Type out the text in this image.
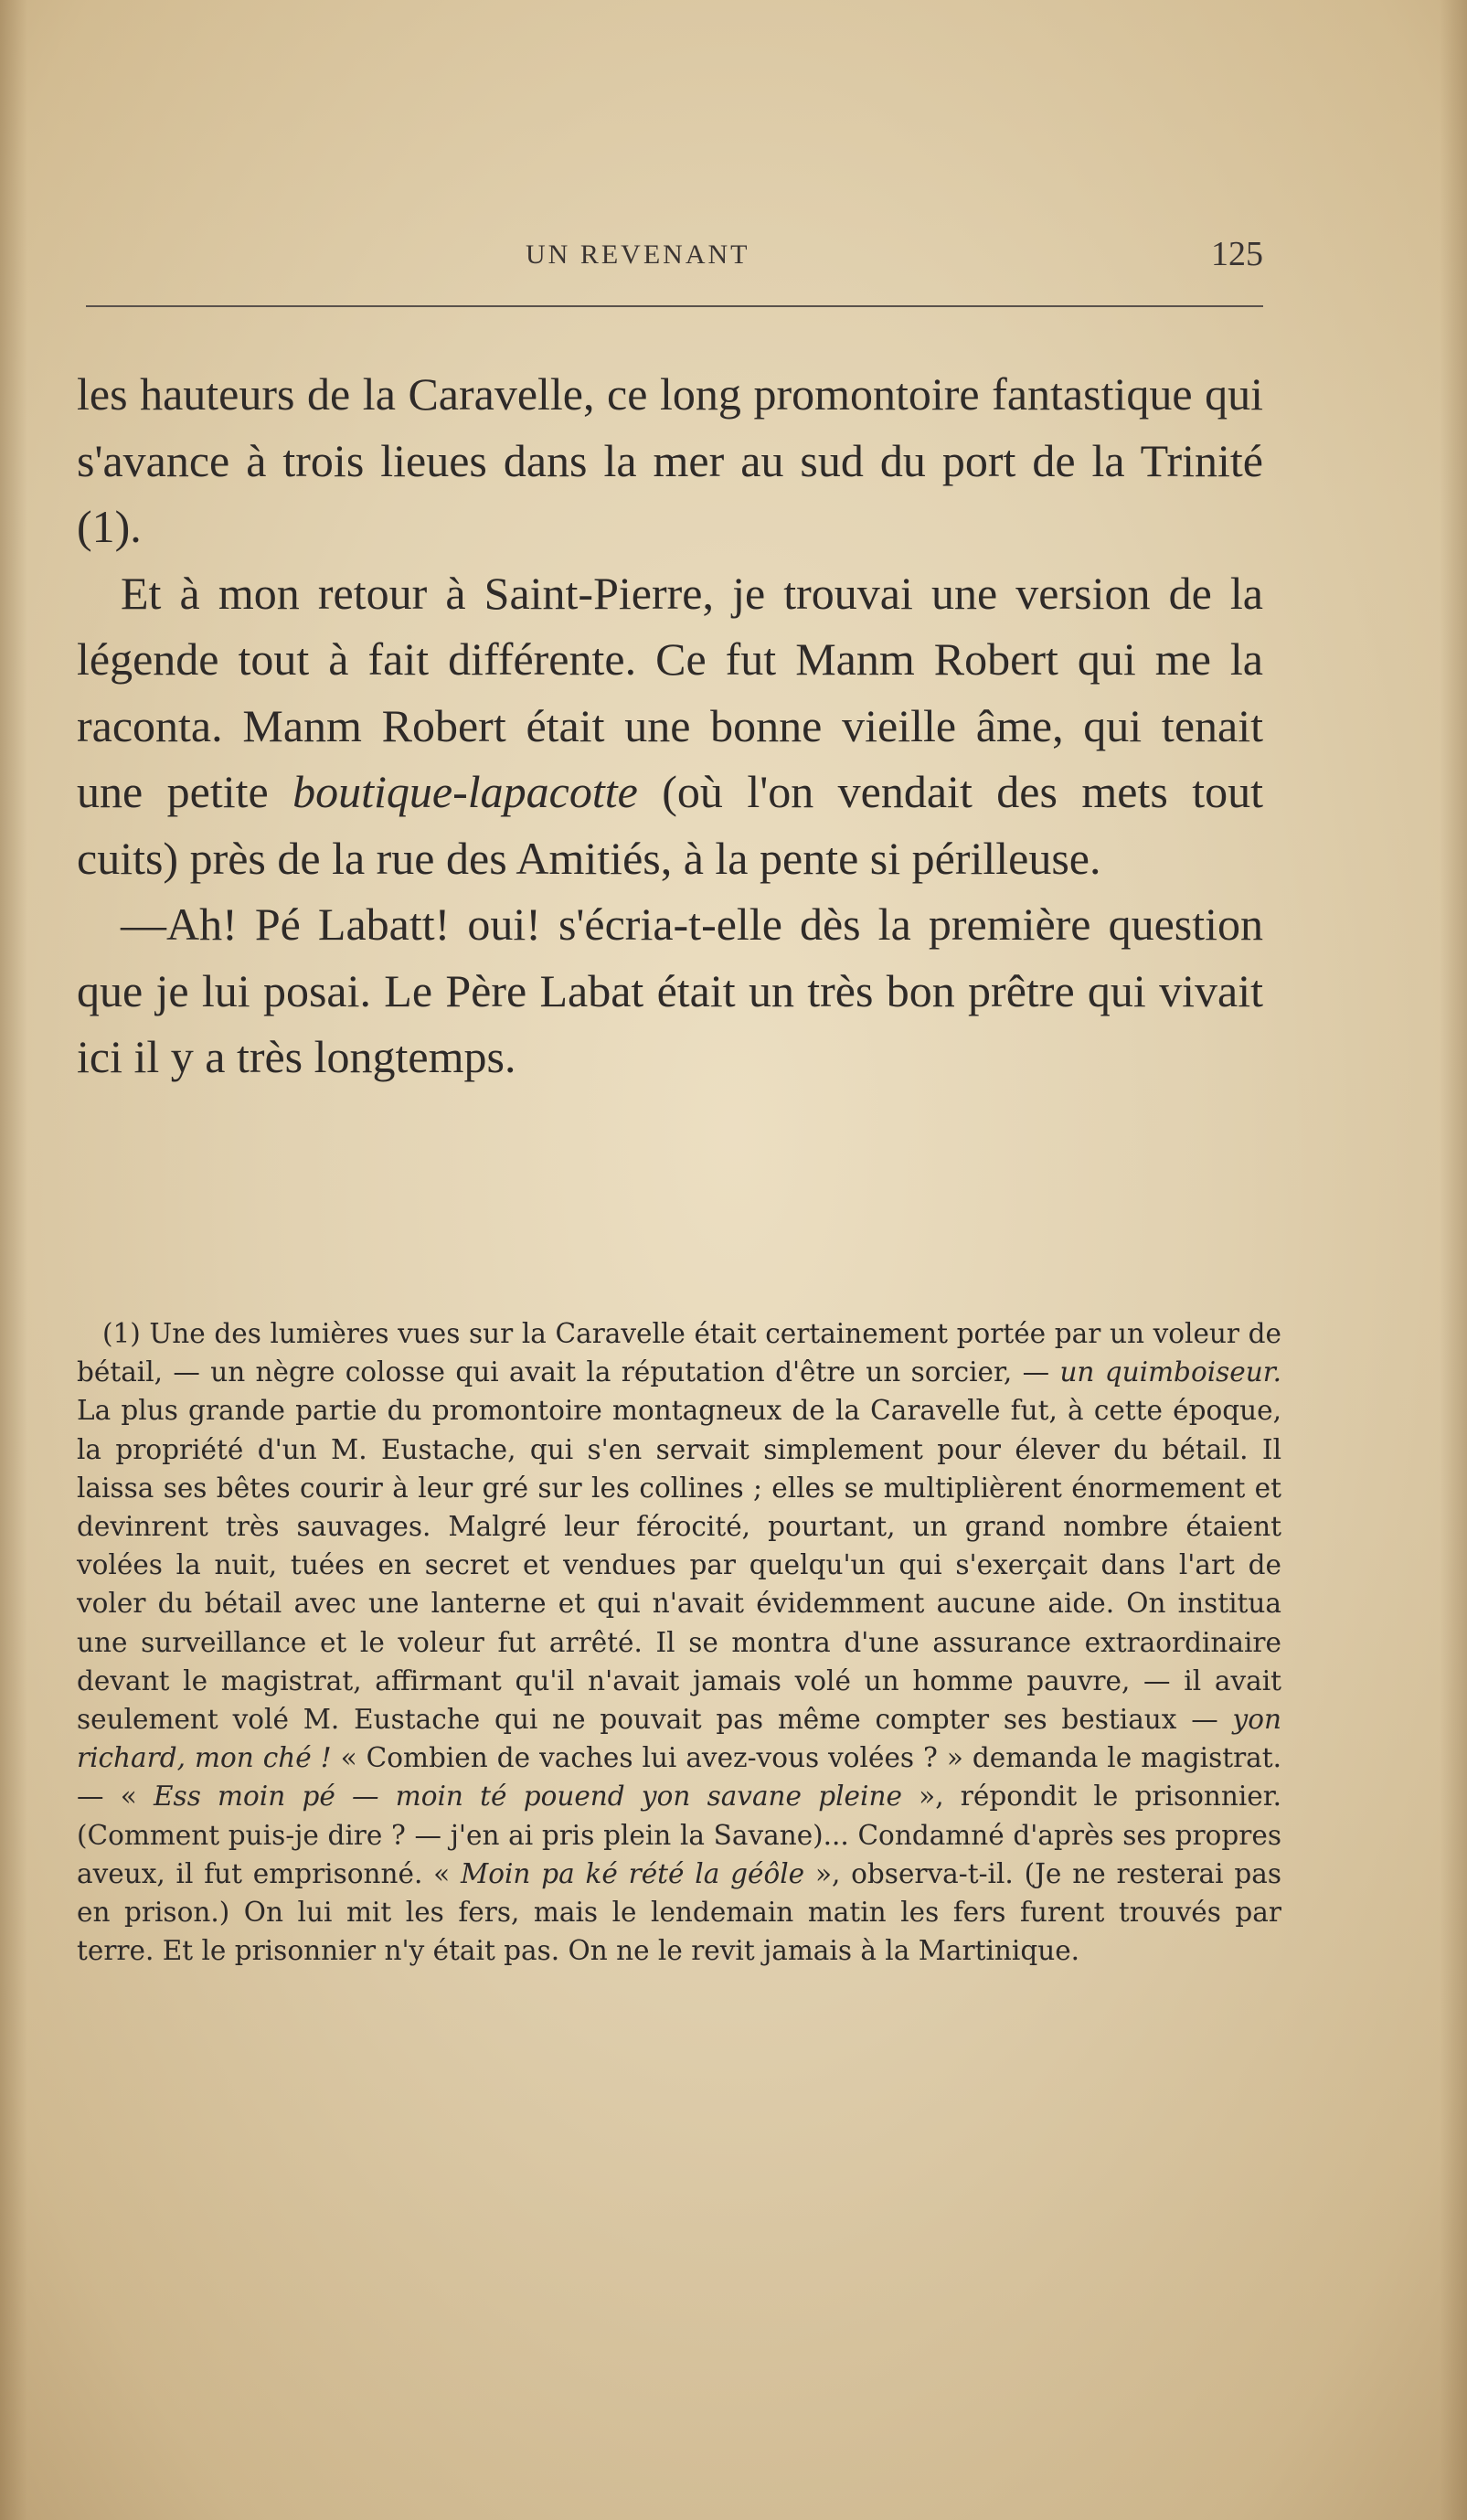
UN REVENANT	125

les hauteurs de la Caravelle, ce long promontoire fantastique qui s'avance à trois lieues dans la mer au sud du port de la Trinité (1).

Et à mon retour à Saint-Pierre, je trouvai une version de la légende tout à fait différente. Ce fut Manm Robert qui me la raconta. Manm Robert était une bonne vieille âme, qui tenait une petite boutique-lapacotte (où l'on vendait des mets tout cuits) près de la rue des Amitiés, à la pente si périlleuse.

—Ah! Pé Labatt! oui! s'écria-t-elle dès la première question que je lui posai. Le Père Labat était un très bon prêtre qui vivait ici il y a très longtemps.

(1) Une des lumières vues sur la Caravelle était certainement portée par un voleur de bétail, — un nègre colosse qui avait la réputation d'être un sorcier, — un quimboiseur. La plus grande partie du promontoire montagneux de la Caravelle fut, à cette époque, la propriété d'un M. Eustache, qui s'en servait simplement pour élever du bétail. Il laissa ses bêtes courir à leur gré sur les collines ; elles se multiplièrent énormement et devinrent très sauvages. Malgré leur férocité, pourtant, un grand nombre étaient volées la nuit, tuées en secret et vendues par quelqu'un qui s'exerçait dans l'art de voler du bétail avec une lanterne et qui n'avait évidemment aucune aide. On institua une surveillance et le voleur fut arrêté. Il se montra d'une assurance extraordinaire devant le magistrat, affirmant qu'il n'avait jamais volé un homme pauvre, — il avait seulement volé M. Eustache qui ne pouvait pas même compter ses bestiaux — yon richard, mon ché ! « Combien de vaches lui avez-vous volées ? » demanda le magistrat. — « Ess moin pé — moin té pouend yon savane pleine », répondit le prisonnier. (Comment puis-je dire ? — j'en ai pris plein la Savane)... Condamné d'après ses propres aveux, il fut emprisonné. « Moin pa ké rété la géôle », observa-t-il. (Je ne resterai pas en prison.) On lui mit les fers, mais le lendemain matin les fers furent trouvés par terre. Et le prisonnier n'y était pas. On ne le revit jamais à la Martinique.
